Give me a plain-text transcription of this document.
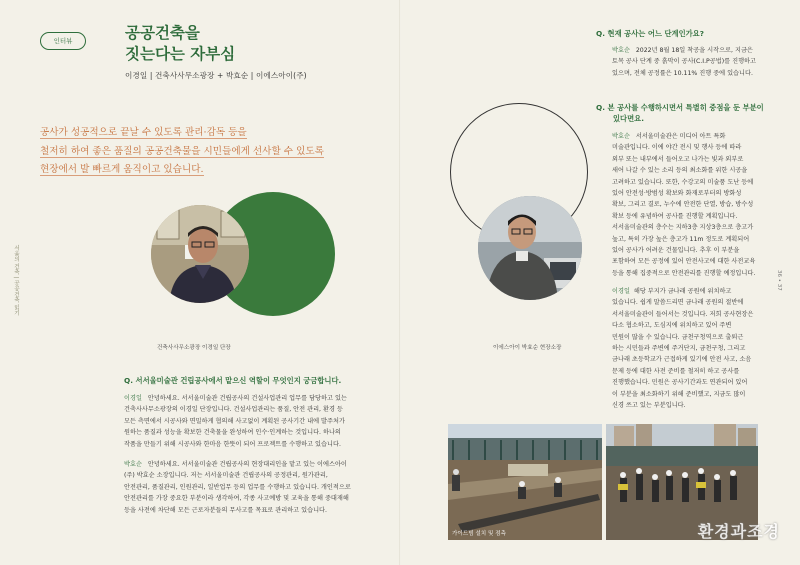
인터뷰	공공건축을
짓는다는 자부심
이경일 | 건축사사무소광장 + 박효순 | 이에스아이(주)
공사가 성공적으로 끝날 수 있도록 관리·감독 등을
철저히 하여 좋은 품질의 공공건축물을 시민들에게 선사할 수 있도록
현장에서 발 빠르게 움직이고 있습니다.
서울의 건축 | 공공건축 읽기
건축사사무소광장 이경일 단장
Q. 서서울미술관 건립공사에서 맡으신 역할이 무엇인지 궁금합니다.
이경일 안녕하세요. 서서울미술관 건립공사의 건설사업관리 업무를 담당하고 있는
건축사사무소광장의 이경일 단장입니다. 건설사업관리는 품질, 안전 관리, 환경 등
모든 측면에서 시공사와 면밀하게 협의해 사고없이 계획된 공사기간 내에 발주처가
원하는 품질과 성능을 확보한 건축물을 완성하여 인수·인계하는 것입니다. 하나의
작품을 만들기 위해 시공사와 한마음 한뜻이 되어 프로젝트를 수행하고 있습니다.
박효순 안녕하세요. 서서울미술관 건립공사의 현장대리인을 맡고 있는 이에스아이
(주) 박효순 소장입니다. 저는 서서울미술관 건립공사의 공정관리, 원가관리,
안전관리, 품질관리, 인원관리, 일반업무 등의 업무를 수행하고 있습니다. 개인적으로
안전관리를 가장 중요한 부분이라 생각하여, 각종 사고예방 및 교육을 통해 중대재해
등을 사전에 차단해 모든 근로자분들의 무사고를 목표로 관리하고 있습니다.
이에스아이 박효순 현장소장
Q. 현재 공사는 어느 단계인가요?
박효순 2022년 8월 18일 착공을 시작으로, 지금은
토목 공사 단계 중 흙막이 공사(C.I.P공법)를 진행하고
있으며, 전체 공정률은 10.11% 진행 중에 있습니다.
Q. 본 공사를 수행하시면서 특별히 중점을 둔 부분이
있다면요.
박효순 서서울미술관은 미디어 아트 특화
미술관입니다. 이에 야간 전시 및 행사 등에 따라
외부 또는 내부에서 들어오고 나가는 빛과 외부로
새어 나갈 수 있는 소리 등의 최소화를 위한 시공을
고려하고 있습니다. 또한, 수강고의 미술품 도난 등에
있어 안전성·방범성 확보와 화재로부터의 방화성
확보, 그리고 결로, 누수에 안전한 단열, 방습, 방수성
확보 등에 유념하여 공사를 진행할 계획입니다.
서서울미술관의 층수는 지하3층 지상3층으로 층고가
높고, 특히 가장 높은 층고가 11m 정도로 계획되어
있어 공사가 어려운 건물입니다. 추후 이 부분을
포함하여 모든 공정에 있어 안전사고에 대한 사전교육
등을 통해 집중적으로 안전관리를 진행할 예정입니다.
이경일 해당 부지가 금나래 공원에 위치하고
있습니다. 쉽게 말씀드리면 금나래 공원의 절반에
서서울미술관이 들어서는 것입니다. 저희 공사현장은
다소 협소하고, 도심지에 위치하고 있어 주변
민원이 많을 수 있습니다. 금천구청역으로 출퇴근
하는 시민들과 주변에 주거단지, 금천구청, 그리고
금나래 초등학교가 근접하게 있기에 안전 사고, 소음
문제 등에 대한 사전 준비를 철저히 하고 공사를
진행했습니다. 민원은 공사기간과도 연관되어 있어
이 부분을 최소화하기 위해 준비했고, 지금도 많이
신경 쓰고 있는 부분입니다.
36 • 37
가이드빔 설치 및 점측	환경과조경
